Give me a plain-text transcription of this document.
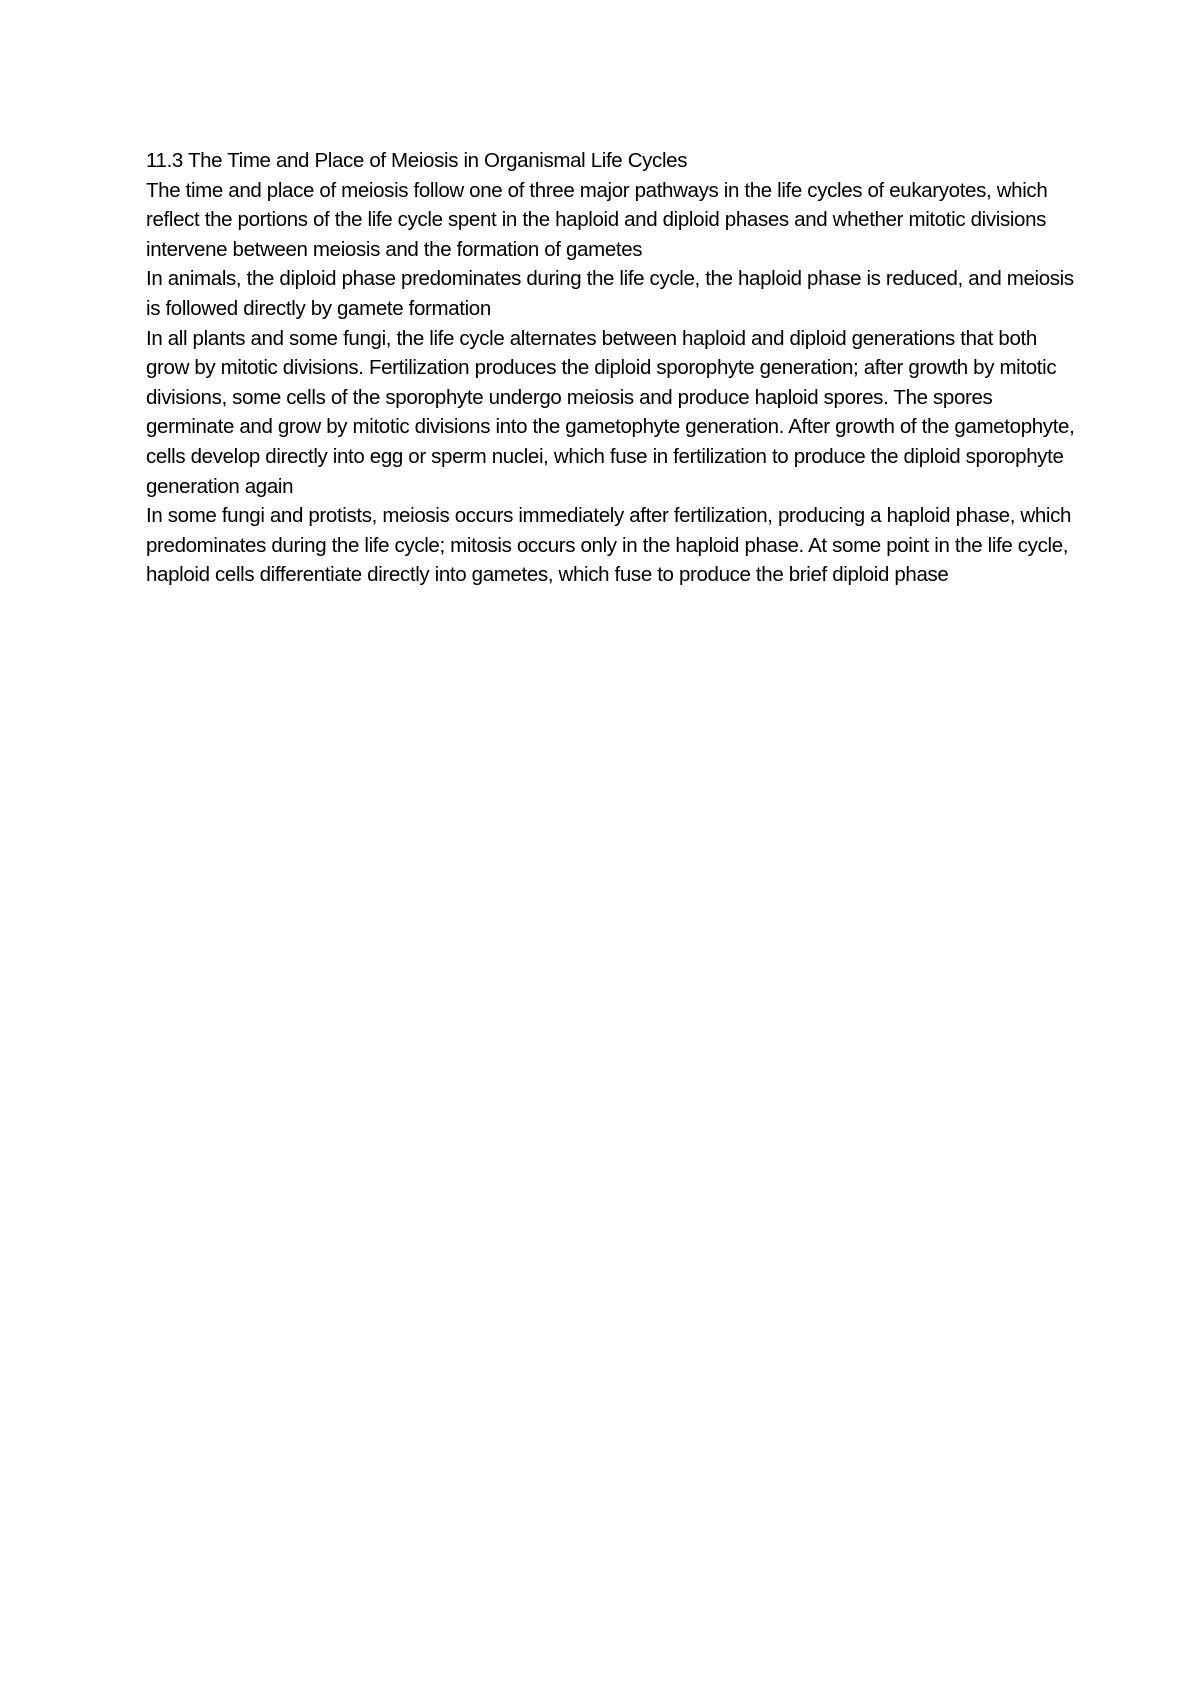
11.3 The Time and Place of Meiosis in Organismal Life Cycles

The time and place of meiosis follow one of three major pathways in the life cycles of eukaryotes, which reflect the portions of the life cycle spent in the haploid and diploid phases and whether mitotic divisions intervene between meiosis and the formation of gametes

In animals, the diploid phase predominates during the life cycle, the haploid phase is reduced, and meiosis is followed directly by gamete formation

In all plants and some fungi, the life cycle alternates between haploid and diploid generations that both grow by mitotic divisions. Fertilization produces the diploid sporophyte generation; after growth by mitotic divisions, some cells of the sporophyte undergo meiosis and produce haploid spores. The spores germinate and grow by mitotic divisions into the gametophyte generation. After growth of the gametophyte, cells develop directly into egg or sperm nuclei, which fuse in fertilization to produce the diploid sporophyte generation again

In some fungi and protists, meiosis occurs immediately after fertilization, producing a haploid phase, which predominates during the life cycle; mitosis occurs only in the haploid phase. At some point in the life cycle, haploid cells differentiate directly into gametes, which fuse to produce the brief diploid phase
